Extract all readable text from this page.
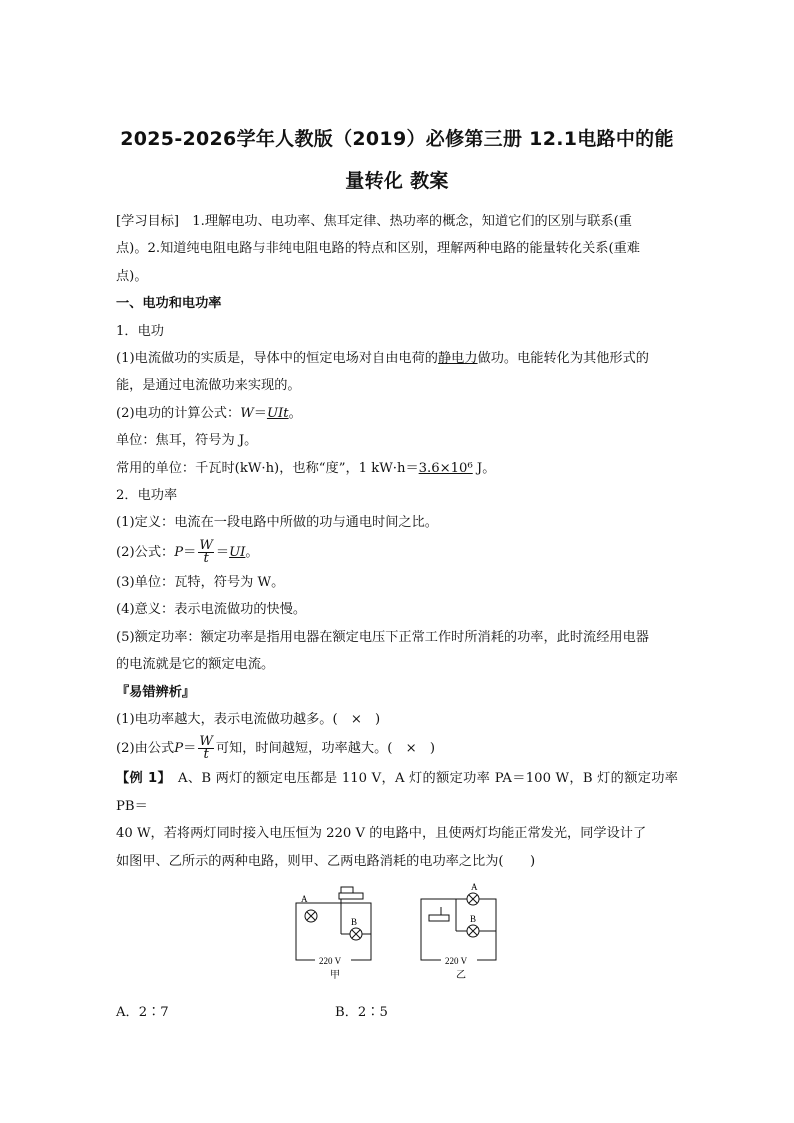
2025-2026学年人教版（2019）必修第三册 12.1电路中的能
量转化 教案

[学习目标]　1.理解电功、电功率、焦耳定律、热功率的概念，知道它们的区别与联系(重
点)。2.知道纯电阻电路与非纯电阻电路的特点和区别，理解两种电路的能量转化关系(重难
点)。

一、电功和电功率

1．电功

(1)电流做功的实质是，导体中的恒定电场对自由电荷的静电力做功。电能转化为其他形式的
能，是通过电流做功来实现的。

(2)电功的计算公式：W＝UIt。

单位：焦耳，符号为 J。

常用的单位：千瓦时(kW·h)，也称“度”，1 kW·h＝3.6×10⁶ J。

2．电功率

(1)定义：电流在一段电路中所做的功与通电时间之比。

(2)公式：$P= \frac{W}{t} =UI$。

(3)单位：瓦特，符号为 W。

(4)意义：表示电流做功的快慢。

(5)额定功率：额定功率是指用电器在额定电压下正常工作时所消耗的功率，此时流经用电器
的电流就是它的额定电流。

『易错辨析』

(1)电功率越大，表示电流做功越多。(　×　)

(2)由公式$P= \frac{W}{t}$ 可知，时间越短，功率越大。(　×　)

【例 1】　A、B 两灯的额定电压都是 110 V，A 灯的额定功率 PA＝100 W，B 灯的额定功率 PB＝
40 W，若将两灯同时接入电压恒为 220 V 的电路中，且使两灯均能正常发光，同学设计了
如图甲、乙所示的两种电路，则甲、乙两电路消耗的电功率之比为(　　)

A
B
220 V
甲
A
B
220 V
乙
A．2∶7	B．2∶5
